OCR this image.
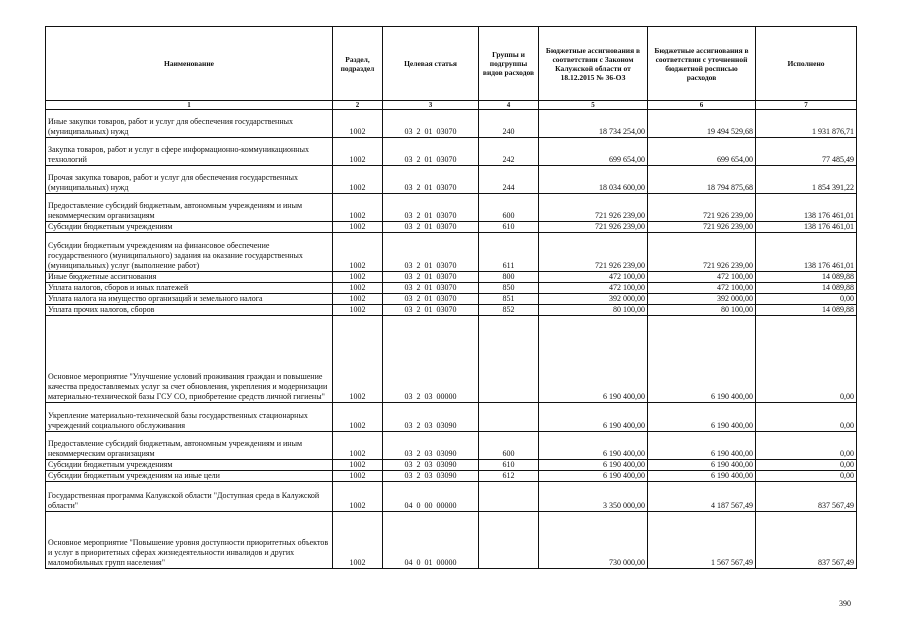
Наименование	Раздел, подраздел	Целевая статья	Группы и подгруппы видов расходов	Бюджетные ассигнования в соответствии с Законом Калужской области от 18.12.2015 № 36-ОЗ	Бюджетные ассигнования в соответствии с уточненной бюджетной росписью расходов	Исполнено
1	2	3	4	5	6	7
Иные закупки товаров, работ и услуг для обеспечения государственных (муниципальных) нужд	1002	03 2 01 03070	240	18 734 254,00	19 494 529,68	1 931 876,71
Закупка товаров, работ и услуг в сфере информационно-коммуникационных технологий	1002	03 2 01 03070	242	699 654,00	699 654,00	77 485,49
Прочая закупка товаров, работ и услуг для обеспечения государственных (муниципальных) нужд	1002	03 2 01 03070	244	18 034 600,00	18 794 875,68	1 854 391,22
Предоставление субсидий бюджетным, автономным учреждениям и иным некоммерческим организациям	1002	03 2 01 03070	600	721 926 239,00	721 926 239,00	138 176 461,01
Субсидии бюджетным учреждениям	1002	03 2 01 03070	610	721 926 239,00	721 926 239,00	138 176 461,01
Субсидии бюджетным учреждениям на финансовое обеспечение государственного (муниципального) задания на оказание государственных (муниципальных) услуг (выполнение работ)	1002	03 2 01 03070	611	721 926 239,00	721 926 239,00	138 176 461,01
Иные бюджетные ассигнования	1002	03 2 01 03070	800	472 100,00	472 100,00	14 089,88
Уплата налогов, сборов и иных платежей	1002	03 2 01 03070	850	472 100,00	472 100,00	14 089,88
Уплата налога на имущество организаций и земельного налога	1002	03 2 01 03070	851	392 000,00	392 000,00	0,00
Уплата прочих налогов, сборов	1002	03 2 01 03070	852	80 100,00	80 100,00	14 089,88
Основное мероприятие "Улучшение условий проживания граждан и повышение качества предоставляемых услуг за счет обновления, укрепления и модернизации материально-технической базы ГСУ СО, приобретение средств личной гигиены"	1002	03 2 03 00000		6 190 400,00	6 190 400,00	0,00
Укрепление материально-технической базы государственных стационарных учреждений социального обслуживания	1002	03 2 03 03090		6 190 400,00	6 190 400,00	0,00
Предоставление субсидий бюджетным, автономным учреждениям и иным некоммерческим организациям	1002	03 2 03 03090	600	6 190 400,00	6 190 400,00	0,00
Субсидии бюджетным учреждениям	1002	03 2 03 03090	610	6 190 400,00	6 190 400,00	0,00
Субсидии бюджетным учреждениям на иные цели	1002	03 2 03 03090	612	6 190 400,00	6 190 400,00	0,00
Государственная программа Калужской области "Доступная среда в Калужской области"	1002	04 0 00 00000		3 350 000,00	4 187 567,49	837 567,49
Основное мероприятие "Повышение уровня доступности приоритетных объектов и услуг в приоритетных сферах жизнедеятельности инвалидов и других маломобильных групп населения"	1002	04 0 01 00000		730 000,00	1 567 567,49	837 567,49
390
